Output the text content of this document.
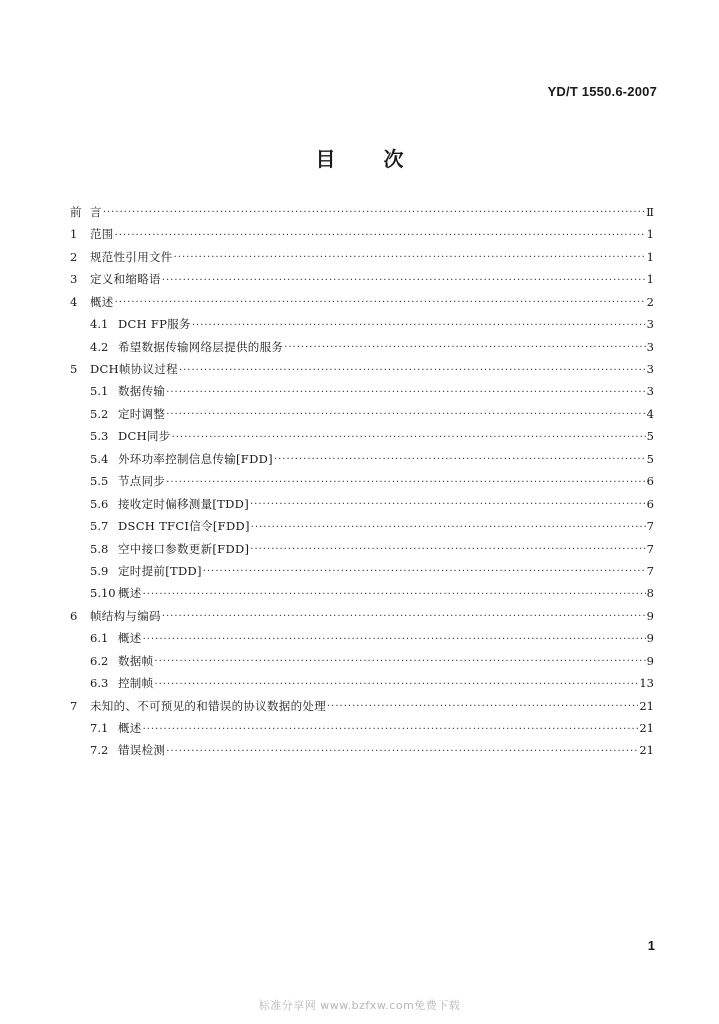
YD/T 1550.6-2007
目 次
前 言 ·····	Ⅱ
1	范围 ·····	1
2	规范性引用文件 ·····	1
3	定义和缩略语 ·····	1
4	概述 ·····	2
4.1 DCH FP服务 ·····	3
4.2 希望数据传输网络层提供的服务 ·····	3
5	DCH帧协议过程 ·····	3
5.1 数据传输 ·····	3
5.2 定时调整 ·····	4
5.3 DCH同步 ·····	5
5.4 外环功率控制信息传输[FDD] ·····	5
5.5 节点同步 ·····	6
5.6 接收定时偏移测量[TDD] ·····	6
5.7 DSCH TFCI信令[FDD] ·····	7
5.8 空中接口参数更新[FDD] ·····	7
5.9 定时提前[TDD] ·····	7
5.10 概述 ·····	8
6	帧结构与编码 ·····	9
6.1 概述 ·····	9
6.2 数据帧 ·····	9
6.3 控制帧 ·····	13
7	未知的、不可预见的和错误的协议数据的处理 ·····	21
7.1 概述 ·····	21
7.2 错误检测 ·····	21
1
标准分享网 www.bzfxw.com免费下载
